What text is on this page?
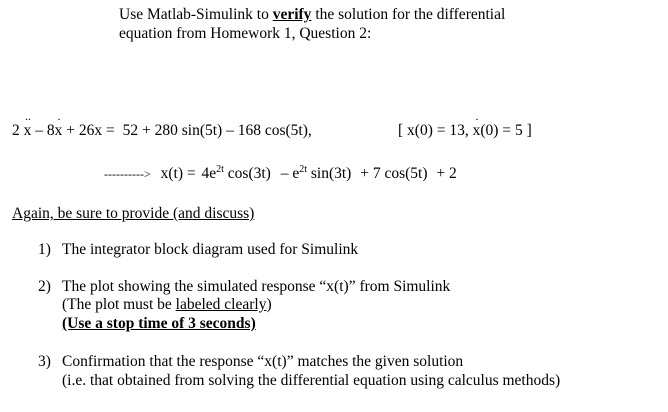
Use Matlab-Simulink to verify the solution for the differential
equation from Homework 1, Question 2:
2
··
x – 8
·
x + 26x = 52 + 280 sin(5t) – 168 cos(5t),	[ x(0) = 13,
·
x(0) = 5 ]
----------> $x(t) = 4e^{2t}$ $\cos(3t) - e^{2t}$ sin(3t) + 7 cos(5t) + 2
Again, be sure to provide (and discuss)
1) The integrator block diagram used for Simulink
2) The plot showing the simulated response “x(t)” from Simulink
(The plot must be labeled clearly)
(Use a stop time of 3 seconds)
3) Confirmation that the response “x(t)” matches the given solution
(i.e. that obtained from solving the differential equation using calculus methods)
